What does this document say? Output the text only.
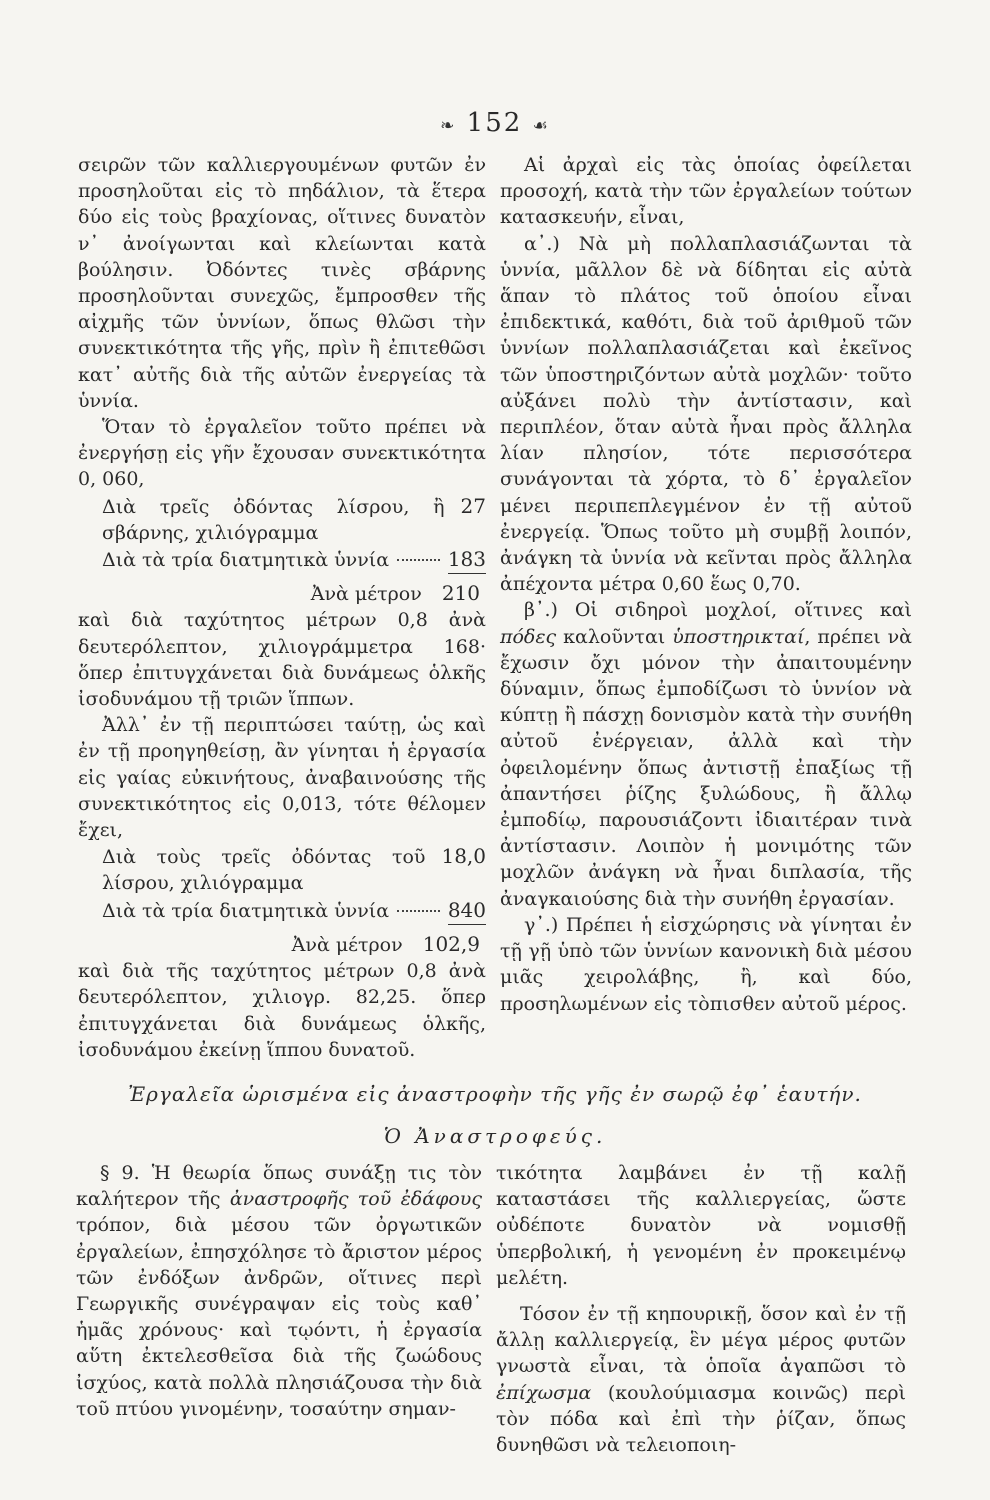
❧ 152 ☙

σειρῶν τῶν καλλιεργουμένων φυτῶν ἐν προσηλοῦται εἰς τὸ πηδάλιον, τὰ ἕτερα δύο εἰς τοὺς βραχίονας, οἵτινες δυνατὸν ν᾽ ἀνοίγωνται καὶ κλείωνται κατὰ βούλησιν. Ὀδόντες τινὲς σβάρνης προσηλοῦνται συνεχῶς, ἔμπροσθεν τῆς αἰχμῆς τῶν ὑννίων, ὅπως θλῶσι τὴν συνεκτικότητα τῆς γῆς, πρὶν ἢ ἐπιτεθῶσι κατ᾽ αὐτῆς διὰ τῆς αὐτῶν ἐνεργείας τὰ ὑννία.

Ὅταν τὸ ἐργαλεῖον τοῦτο πρέπει νὰ ἐνεργήσῃ εἰς γῆν ἔχουσαν συνεκτικότητα 0, 060,

Διὰ τρεῖς ὀδόντας λίσρου, ἢ σβάρνης, χιλιόγραμμα
27
Διὰ τὰ τρία διατμητικὰ ὑννία	183
Ἀνὰ μέτρον 210

καὶ διὰ ταχύτητος μέτρων 0,8 ἀνὰ δευτερόλεπτον, χιλιογράμμετρα 168· ὅπερ ἐπιτυγχάνεται διὰ δυνάμεως ὁλκῆς ἰσοδυνάμου τῇ τριῶν ἵππων.

Ἀλλ᾽ ἐν τῇ περιπτώσει ταύτῃ, ὡς καὶ ἐν τῇ προηγηθείσῃ, ἂν γίνηται ἡ ἐργασία εἰς γαίας εὐκινήτους, ἀναβαινούσης τῆς συνεκτικότητος εἰς 0,013, τότε θέλομεν ἔχει,

Διὰ τοὺς τρεῖς ὀδόντας τοῦ λίσρου, χιλιόγραμμα
18,0
Διὰ τὰ τρία διατμητικὰ ὑννία	840
Ἀνὰ μέτρον 102,9

καὶ διὰ τῆς ταχύτητος μέτρων 0,8 ἀνὰ δευτερόλεπτον, χιλιογρ. 82,25. ὅπερ ἐπιτυγχάνεται διὰ δυνάμεως ὁλκῆς, ἰσοδυνάμου ἐκείνῃ ἵππου δυνατοῦ.

Αἱ ἀρχαὶ εἰς τὰς ὁποίας ὀφείλεται προσοχή, κατὰ τὴν τῶν ἐργαλείων τούτων κατασκευήν, εἶναι,

α᾽.) Νὰ μὴ πολλαπλασιάζωνται τὰ ὑννία, μᾶλλον δὲ νὰ δίδηται εἰς αὐτὰ ἅπαν τὸ πλάτος τοῦ ὁποίου εἶναι ἐπιδεκτικά, καθότι, διὰ τοῦ ἀριθμοῦ τῶν ὑννίων πολλαπλασιάζεται καὶ ἐκεῖνος τῶν ὑποστηριζόντων αὐτὰ μοχλῶν· τοῦτο αὐξάνει πολὺ τὴν ἀντίστασιν, καὶ περιπλέον, ὅταν αὐτὰ ἦναι πρὸς ἄλληλα λίαν πλησίον, τότε περισσότερα συνάγονται τὰ χόρτα, τὸ δ᾽ ἐργαλεῖον μένει περιπεπλεγμένον ἐν τῇ αὐτοῦ ἐνεργείᾳ. Ὅπως τοῦτο μὴ συμβῇ λοιπόν, ἀνάγκη τὰ ὑννία νὰ κεῖνται πρὸς ἄλληλα ἀπέχοντα μέτρα 0,60 ἕως 0,70.

β᾽.) Οἱ σιδηροὶ μοχλοί, οἵτινες καὶ πόδες καλοῦνται ὑποστηρικταί, πρέπει νὰ ἔχωσιν ὄχι μόνον τὴν ἀπαιτουμένην δύναμιν, ὅπως ἐμποδίζωσι τὸ ὑννίον νὰ κύπτῃ ἢ πάσχῃ δονισμὸν κατὰ τὴν συνήθη αὐτοῦ ἐνέργειαν, ἀλλὰ καὶ τὴν ὀφειλομένην ὅπως ἀντιστῇ ἐπαξίως τῇ ἀπαντήσει ῥίζης ξυλώδους, ἢ ἄλλῳ ἐμποδίῳ, παρουσιάζοντι ἰδιαιτέραν τινὰ ἀντίστασιν. Λοιπὸν ἡ μονιμότης τῶν μοχλῶν ἀνάγκη νὰ ἦναι διπλασία, τῆς ἀναγκαιούσης διὰ τὴν συνήθη ἐργασίαν.

γ᾽.) Πρέπει ἡ εἰσχώρησις νὰ γίνηται ἐν τῇ γῇ ὑπὸ τῶν ὑννίων κανονικὴ διὰ μέσου μιᾶς χειρολάβης, ἢ, καὶ δύο, προσηλωμένων εἰς τὸπισθεν αὐτοῦ μέρος.

Ἐργαλεῖα ὡρισμένα εἰς ἀναστροφὴν τῆς γῆς ἐν σωρῷ ἐφ᾽ ἑαυτήν.
Ὁ Ἀναστροφεύς.

§ 9. Ἡ θεωρία ὅπως συνάξῃ τις τὸν καλήτερον τῆς ἀναστροφῆς τοῦ ἐδάφους τρόπον, διὰ μέσου τῶν ὀργωτικῶν ἐργαλείων, ἐπησχόλησε τὸ ἄριστον μέρος τῶν ἐνδόξων ἀνδρῶν, οἵτινες περὶ Γεωργικῆς συνέγραψαν εἰς τοὺς καθ᾽ ἡμᾶς χρόνους· καὶ τῳόντι, ἡ ἐργασία αὕτη ἐκτελεσθεῖσα διὰ τῆς ζωώδους ἰσχύος, κατὰ πολλὰ πλησιάζουσα τὴν διὰ τοῦ πτύου γινομένην, τοσαύτην σημαν-

τικότητα λαμβάνει ἐν τῇ καλῇ καταστάσει τῆς καλλιεργείας, ὥστε οὐδέποτε δυνατὸν νὰ νομισθῇ ὑπερβολική, ἡ γενομένη ἐν προκειμένῳ μελέτη.

Τόσον ἐν τῇ κηπουρικῇ, ὅσον καὶ ἐν τῇ ἄλλῃ καλλιεργείᾳ, ἓν μέγα μέρος φυτῶν γνωστὰ εἶναι, τὰ ὁποῖα ἀγαπῶσι τὸ ἐπίχωσμα (κουλούμιασμα κοινῶς) περὶ τὸν πόδα καὶ ἐπὶ τὴν ῥίζαν, ὅπως δυνηθῶσι νὰ τελειοποιη-
